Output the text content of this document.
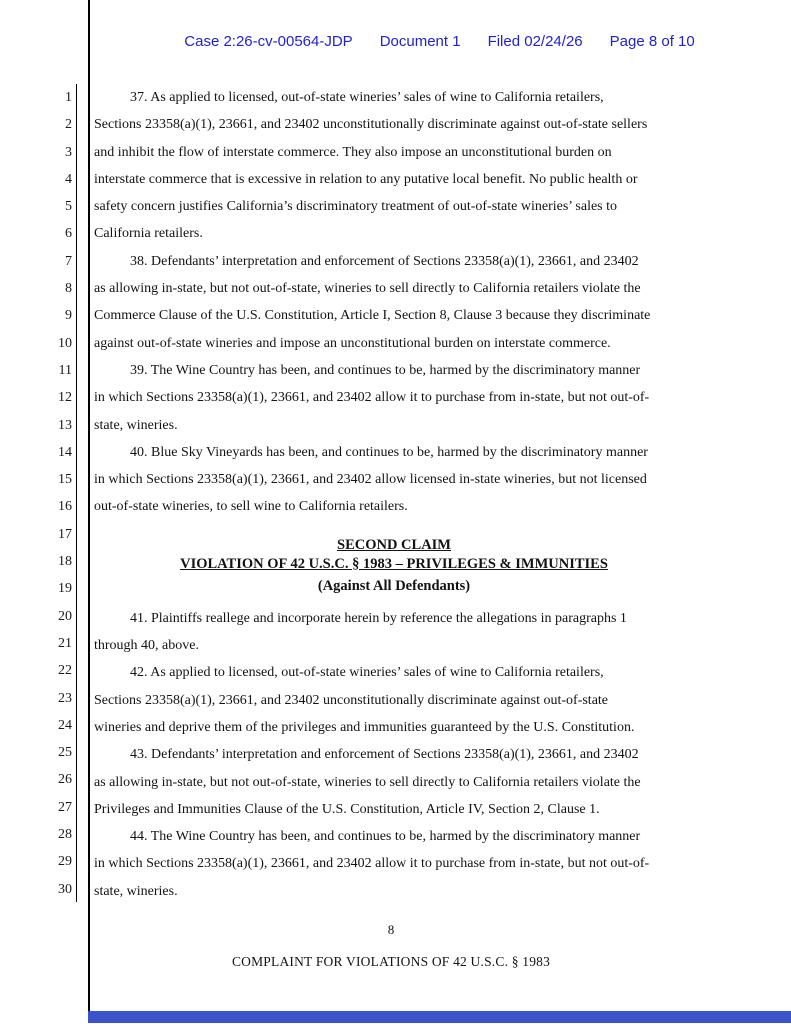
Case 2:26-cv-00564-JDP Document 1 Filed 02/24/26 Page 8 of 10
1
2
3
4
5
6
7
8
9
10
11
12
13
14
15
16
17
18
19
20
21
22
23
24
25
26
27
28
29
30
37. As applied to licensed, out-of-state wineries’ sales of wine to California retailers,
Sections 23358(a)(1), 23661, and 23402 unconstitutionally discriminate against out-of-state sellers
and inhibit the flow of interstate commerce. They also impose an unconstitutional burden on
interstate commerce that is excessive in relation to any putative local benefit. No public health or
safety concern justifies California’s discriminatory treatment of out-of-state wineries’ sales to
California retailers.
38. Defendants’ interpretation and enforcement of Sections 23358(a)(1), 23661, and 23402
as allowing in-state, but not out-of-state, wineries to sell directly to California retailers violate the
Commerce Clause of the U.S. Constitution, Article I, Section 8, Clause 3 because they discriminate
against out-of-state wineries and impose an unconstitutional burden on interstate commerce.
39. The Wine Country has been, and continues to be, harmed by the discriminatory manner
in which Sections 23358(a)(1), 23661, and 23402 allow it to purchase from in-state, but not out-of-
state, wineries.
40. Blue Sky Vineyards has been, and continues to be, harmed by the discriminatory manner
in which Sections 23358(a)(1), 23661, and 23402 allow licensed in-state wineries, but not licensed
out-of-state wineries, to sell wine to California retailers.
SECOND CLAIM
VIOLATION OF 42 U.S.C. § 1983 – PRIVILEGES & IMMUNITIES
(Against All Defendants)
41. Plaintiffs reallege and incorporate herein by reference the allegations in paragraphs 1
through 40, above.
42. As applied to licensed, out-of-state wineries’ sales of wine to California retailers,
Sections 23358(a)(1), 23661, and 23402 unconstitutionally discriminate against out-of-state
wineries and deprive them of the privileges and immunities guaranteed by the U.S. Constitution.
43. Defendants’ interpretation and enforcement of Sections 23358(a)(1), 23661, and 23402
as allowing in-state, but not out-of-state, wineries to sell directly to California retailers violate the
Privileges and Immunities Clause of the U.S. Constitution, Article IV, Section 2, Clause 1.
44. The Wine Country has been, and continues to be, harmed by the discriminatory manner
in which Sections 23358(a)(1), 23661, and 23402 allow it to purchase from in-state, but not out-of-
state, wineries.
8
COMPLAINT FOR VIOLATIONS OF 42 U.S.C. § 1983
